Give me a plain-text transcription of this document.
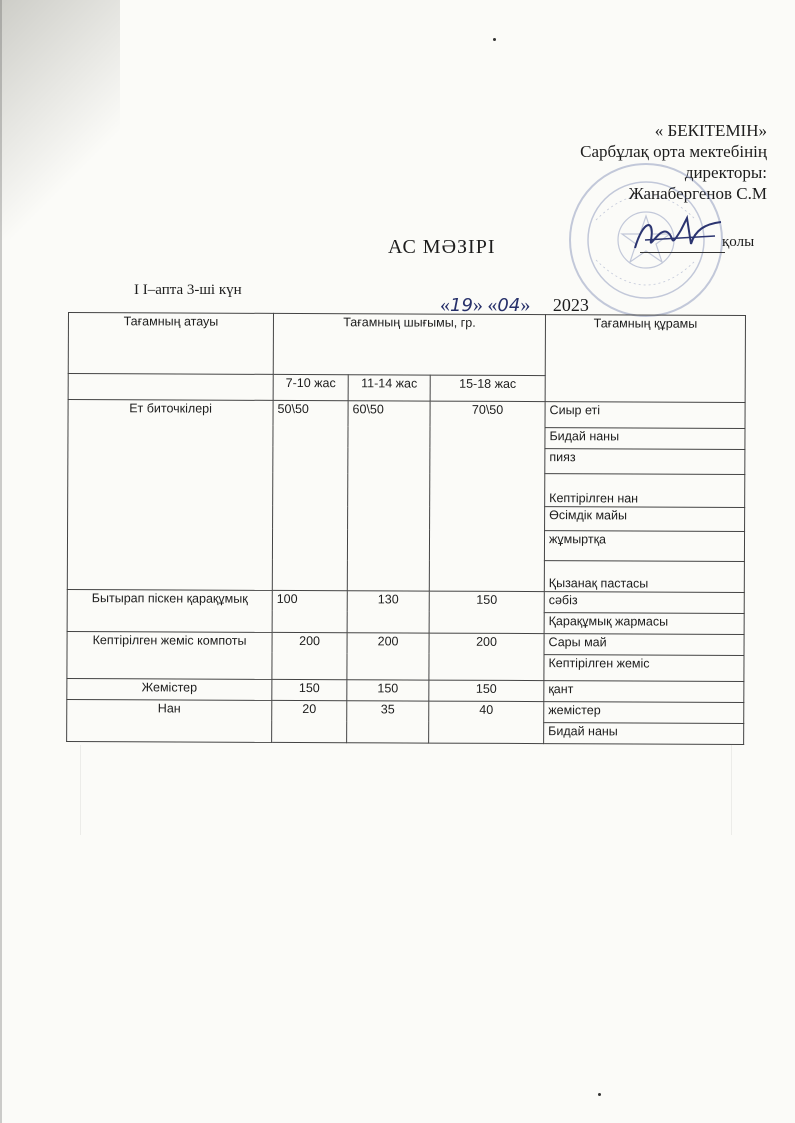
« БЕКІТЕМІН»
Сарбұлақ орта мектебінің
директоры:
Жанабергенов С.М
қолы
АС МӘЗІРІ
І І–апта 3-ші күн
«19» «04» 2023
Тағамның атауы	Тағамның шығымы, гр.			Тағамның құрамы
	7-10 жас	11-14 жас	15-18 жас	
Ет биточкілері	50\50	60\50	70\50	Сиыр еті
				Бидай наны
				пияз
				Кептірілген нан
				Өсімдік майы
				жұмыртқа
				Қызанақ пастасы
Бытырап піскен қарақұмық	100	130	150	сәбіз
				Қарақұмық жармасы
Кептірілген жеміс компоты	200	200	200	Сары май
				Кептірілген жеміс
Жемістер	150	150	150	қант
Нан	20	35	40	жемістер
				Бидай наны
